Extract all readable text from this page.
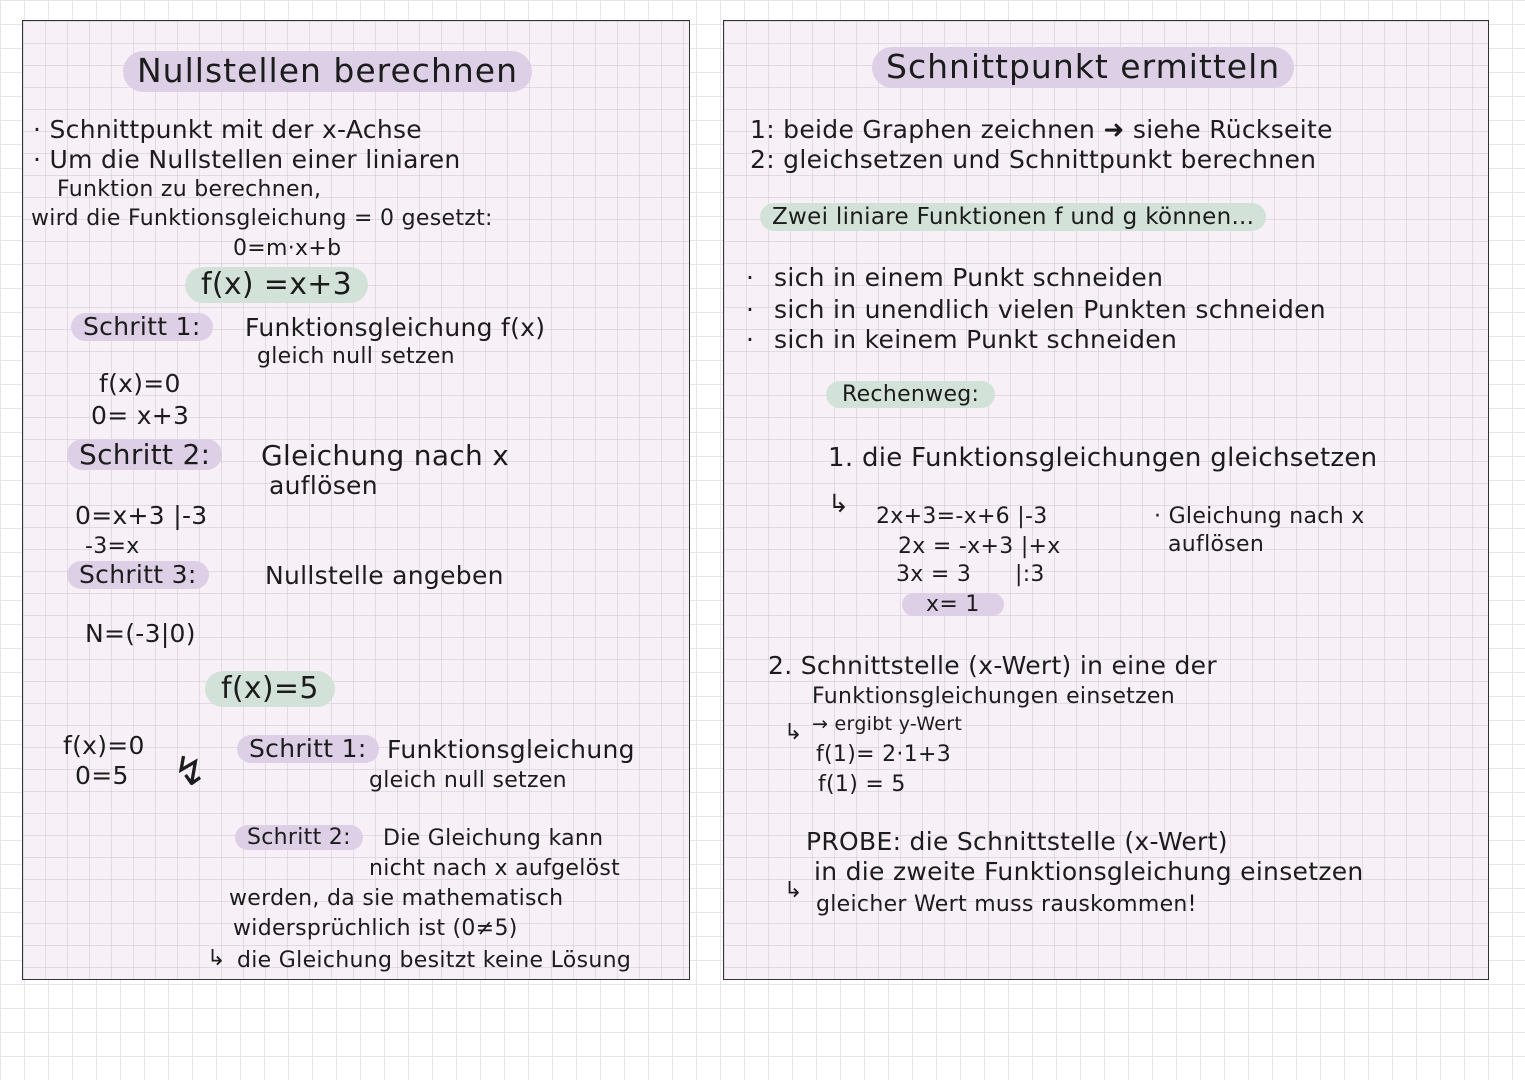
Nullstellen berechnen
· Schnittpunkt mit der x-Achse
· Um die Nullstellen einer liniaren
Funktion zu berechnen,
wird die Funktionsgleichung = 0 gesetzt:
0=m·x+b
f(x) =x+3
Schritt 1:	Funktionsgleichung f(x)
gleich null setzen
f(x)=0
0= x+3
Schritt 2:	Gleichung nach x
auflösen
0=x+3 |-3
-3=x
Schritt 3:	Nullstelle angeben
N=(-3|0)
f(x)=5
f(x)=0
0=5 ↯
Schritt 1: Funktionsgleichung
gleich null setzen
Schritt 2:	Die Gleichung kann
nicht nach x aufgelöst
werden, da sie mathematisch
widersprüchlich ist (0≠5)
↳ die Gleichung besitzt keine Lösung
Schnittpunkt ermitteln
1: beide Graphen zeichnen ➜ siehe Rückseite
2: gleichsetzen und Schnittpunkt berechnen
Zwei liniare Funktionen f und g können...
· sich in einem Punkt schneiden
· sich in unendlich vielen Punkten schneiden
· sich in keinem Punkt schneiden
Rechenweg:
1. die Funktionsgleichungen gleichsetzen
↳ 2x+3=-x+6 |-3
2x = -x+3 |+x
3x = 3      |:3
x= 1
· Gleichung nach x
auflösen
2. Schnittstelle (x-Wert) in eine der
Funktionsgleichungen einsetzen
↳ → ergibt y-Wert
f(1)= 2·1+3
f(1) = 5
PROBE: die Schnittstelle (x-Wert)
in die zweite Funktionsgleichung einsetzen
↳
gleicher Wert muss rauskommen!
